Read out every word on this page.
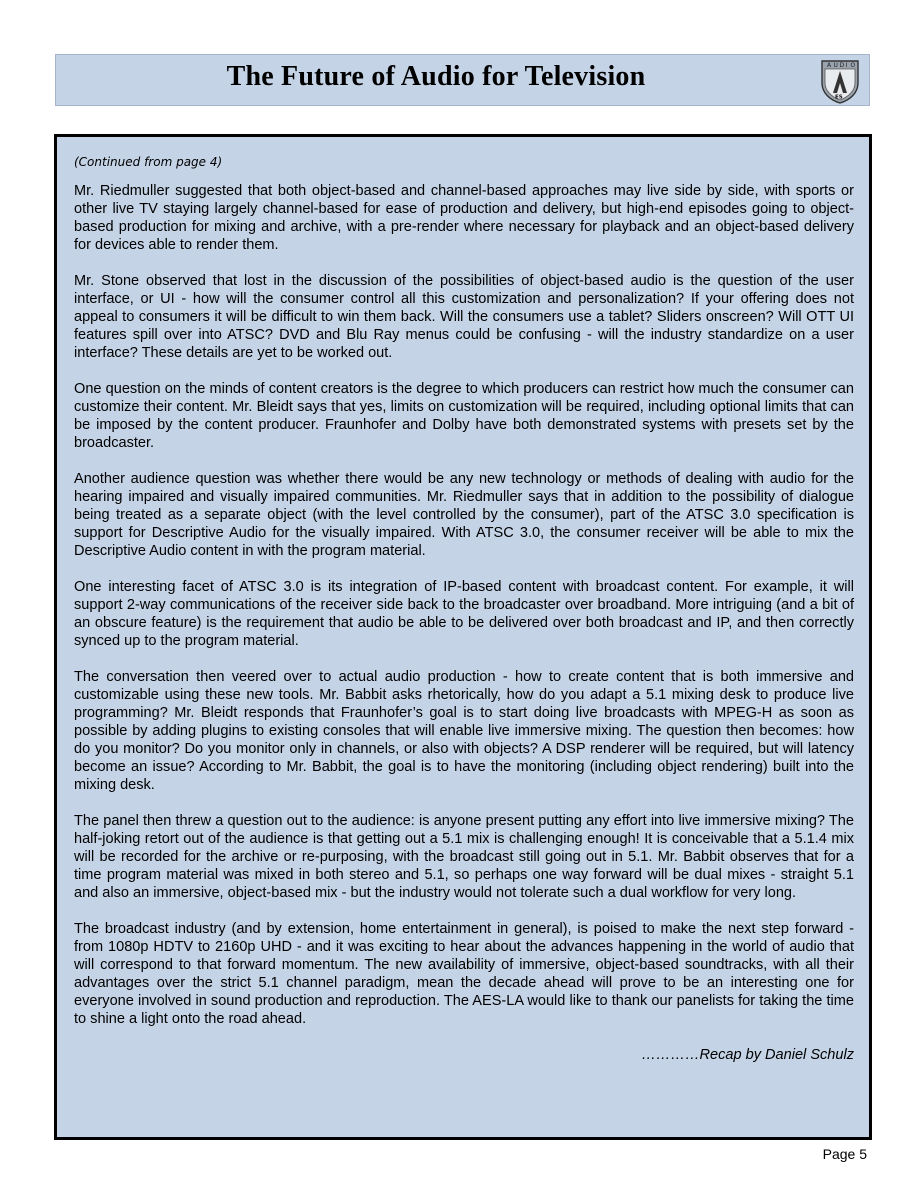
The Future of Audio for Television	A U D I O
ES
(Continued from page 4)

Mr. Riedmuller suggested that both object-based and channel-based approaches may live side by side, with sports or other live TV staying largely channel-based for ease of production and delivery, but high-end episodes going to object-based production for mixing and archive, with a pre-render where necessary for playback and an object-based delivery for devices able to render them.

Mr. Stone observed that lost in the discussion of the possibilities of object-based audio is the question of the user interface, or UI - how will the consumer control all this customization and personalization? If your offering does not appeal to consumers it will be difficult to win them back. Will the consumers use a tablet? Sliders onscreen? Will OTT UI features spill over into ATSC? DVD and Blu Ray menus could be confusing - will the industry standardize on a user interface? These details are yet to be worked out.

One question on the minds of content creators is the degree to which producers can restrict how much the consumer can customize their content. Mr. Bleidt says that yes, limits on customization will be required, including optional limits that can be imposed by the content producer. Fraunhofer and Dolby have both demonstrated systems with presets set by the broadcaster.

Another audience question was whether there would be any new technology or methods of dealing with audio for the hearing impaired and visually impaired communities. Mr. Riedmuller says that in addition to the possibility of dialogue being treated as a separate object (with the level controlled by the consumer), part of the ATSC 3.0 specification is support for Descriptive Audio for the visually impaired. With ATSC 3.0, the consumer receiver will be able to mix the Descriptive Audio content in with the program material.

One interesting facet of ATSC 3.0 is its integration of IP-based content with broadcast content. For example, it will support 2-way communications of the receiver side back to the broadcaster over broadband. More intriguing (and a bit of an obscure feature) is the requirement that audio be able to be delivered over both broadcast and IP, and then correctly synced up to the program material.

The conversation then veered over to actual audio production - how to create content that is both immersive and customizable using these new tools. Mr. Babbit asks rhetorically, how do you adapt a 5.1 mixing desk to produce live programming? Mr. Bleidt responds that Fraunhofer’s goal is to start doing live broadcasts with MPEG-H as soon as possible by adding plugins to existing consoles that will enable live immersive mixing. The question then becomes: how do you monitor? Do you monitor only in channels, or also with objects? A DSP renderer will be required, but will latency become an issue? According to Mr. Babbit, the goal is to have the monitoring (including object rendering) built into the mixing desk.

The panel then threw a question out to the audience: is anyone present putting any effort into live immersive mixing? The half-joking retort out of the audience is that getting out a 5.1 mix is challenging enough! It is conceivable that a 5.1.4 mix will be recorded for the archive or re-purposing, with the broadcast still going out in 5.1. Mr. Babbit observes that for a time program material was mixed in both stereo and 5.1, so perhaps one way forward will be dual mixes - straight 5.1 and also an immersive, object-based mix - but the industry would not tolerate such a dual workflow for very long.

The broadcast industry (and by extension, home entertainment in general), is poised to make the next step forward - from 1080p HDTV to 2160p UHD - and it was exciting to hear about the advances happening in the world of audio that will correspond to that forward momentum. The new availability of immersive, object-based soundtracks, with all their advantages over the strict 5.1 channel paradigm, mean the decade ahead will prove to be an interesting one for everyone involved in sound production and reproduction. The AES-LA would like to thank our panelists for taking the time to shine a light onto the road ahead.

…………Recap by Daniel Schulz
Page 5
